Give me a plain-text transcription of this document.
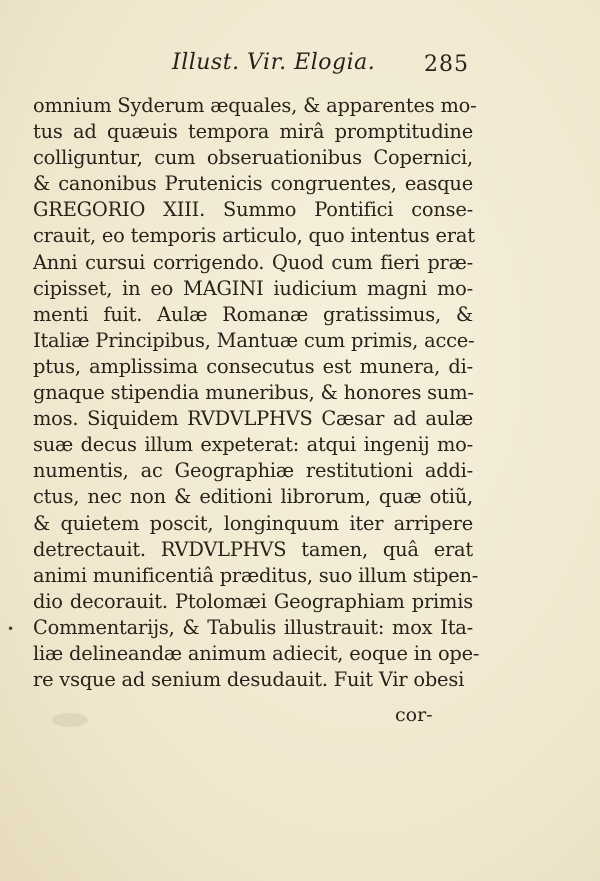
Illust. Vir. Elogia. 285
omnium Syderum æquales, & apparentes mo-
tus ad quæuis tempora mirâ promptitudine
colliguntur, cum obseruationibus Copernici,
& canonibus Prutenicis congruentes, easque
GREGORIO XIII. Summo Pontifici conse-
crauit, eo temporis articulo, quo intentus erat
Anni cursui corrigendo. Quod cum fieri præ-
cipisset, in eo MAGINI iudicium magni mo-
menti fuit. Aulæ Romanæ gratissimus, &
Italiæ Principibus, Mantuæ cum primis, acce-
ptus, amplissima consecutus est munera, di-
gnaque stipendia muneribus, & honores sum-
mos. Siquidem RVDVLPHVS Cæsar ad aulæ
suæ decus illum expeterat: atqui ingenij mo-
numentis, ac Geographiæ restitutioni addi-
ctus, nec non & editioni librorum, quæ otiũ,
& quietem poscit, longinquum iter arripere
detrectauit. RVDVLPHVS tamen, quâ erat
animi munificentiâ præditus, suo illum stipen-
dio decorauit. Ptolomæi Geographiam primis
Commentarijs, & Tabulis illustrauit: mox Ita-
liæ delineandæ animum adiecit, eoque in ope-
re vsque ad senium desudauit. Fuit Vir obesi
cor-
•
